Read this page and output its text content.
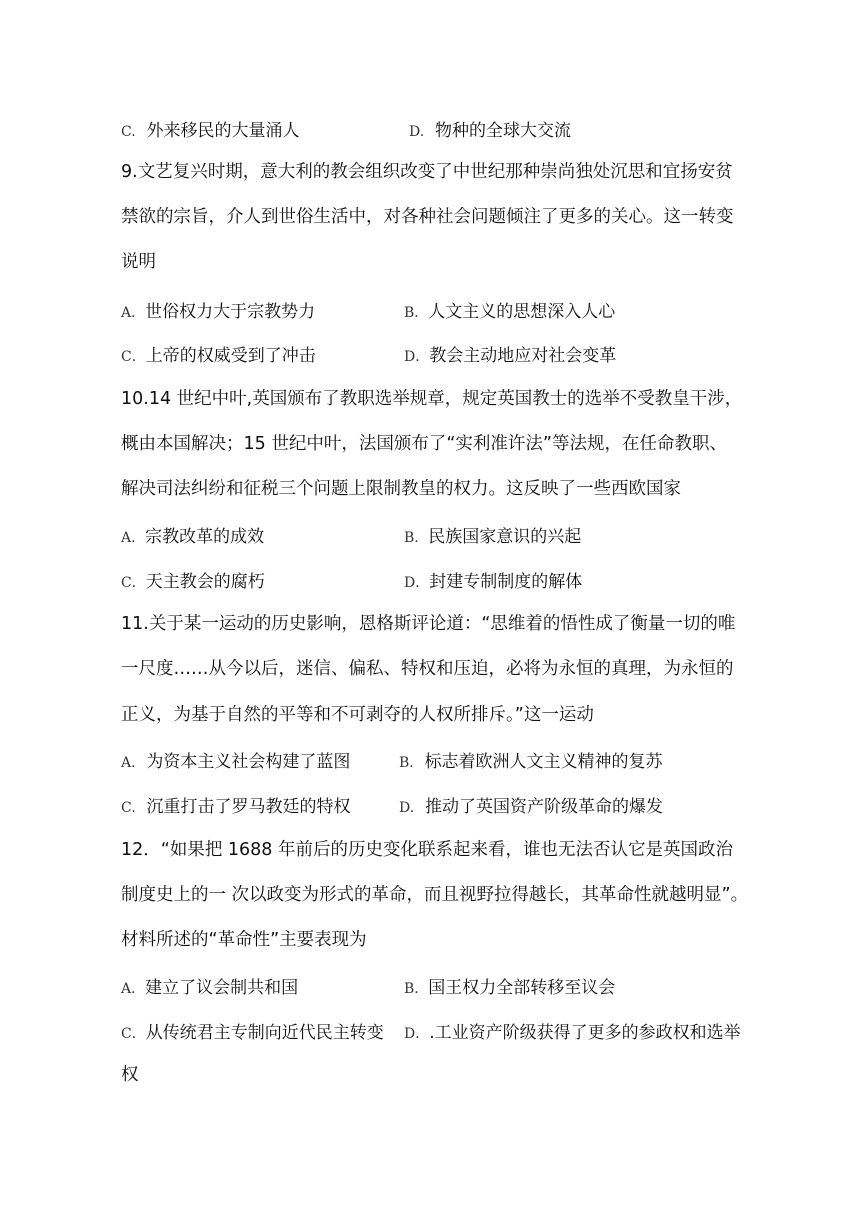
C. 外来移民的大量涌人	D. 物种的全球大交流
9.文艺复兴时期，意大利的教会组织改变了中世纪那种崇尚独处沉思和宜扬安贫
禁欲的宗旨，介人到世俗生活中，对各种社会问题倾注了更多的关心。这一转变
说明
A．世俗权力大于宗教势力	B．人文主义的思想深入人心
C．上帝的权威受到了冲击	D．教会主动地应对社会变革
10.14 世纪中叶,英国颁布了教职选举规章，规定英国教士的选举不受教皇干涉，
概由本国解决；15 世纪中叶，法国颁布了“实利准许法”等法规，在任命教职、
解决司法纠纷和征税三个问题上限制教皇的权力。这反映了一些西欧国家
A．宗教改革的成效	B．民族国家意识的兴起
C．天主教会的腐朽	D．封建专制制度的解体
11.关于某一运动的历史影响，恩格斯评论道：“思维着的悟性成了衡量一切的唯
一尺度……从今以后，迷信、偏私、特权和压迫，必将为永恒的真理，为永恒的
正义，为基于自然的平等和不可剥夺的人权所排斥。”这一运动
A. 为资本主义社会构建了蓝图	B. 标志着欧洲人文主义精神的复苏
C. 沉重打击了罗马教廷的特权	D. 推动了英国资产阶级革命的爆发
12．“如果把 1688 年前后的历史变化联系起来看，谁也无法否认它是英国政治
制度史上的一 次以政变为形式的革命，而且视野拉得越长，其革命性就越明显”。
材料所述的“革命性”主要表现为
A．建立了议会制共和国	B．国王权力全部转移至议会
C．从传统君主专制向近代民主转变 D．.工业资产阶级获得了更多的参政权和选举
权
